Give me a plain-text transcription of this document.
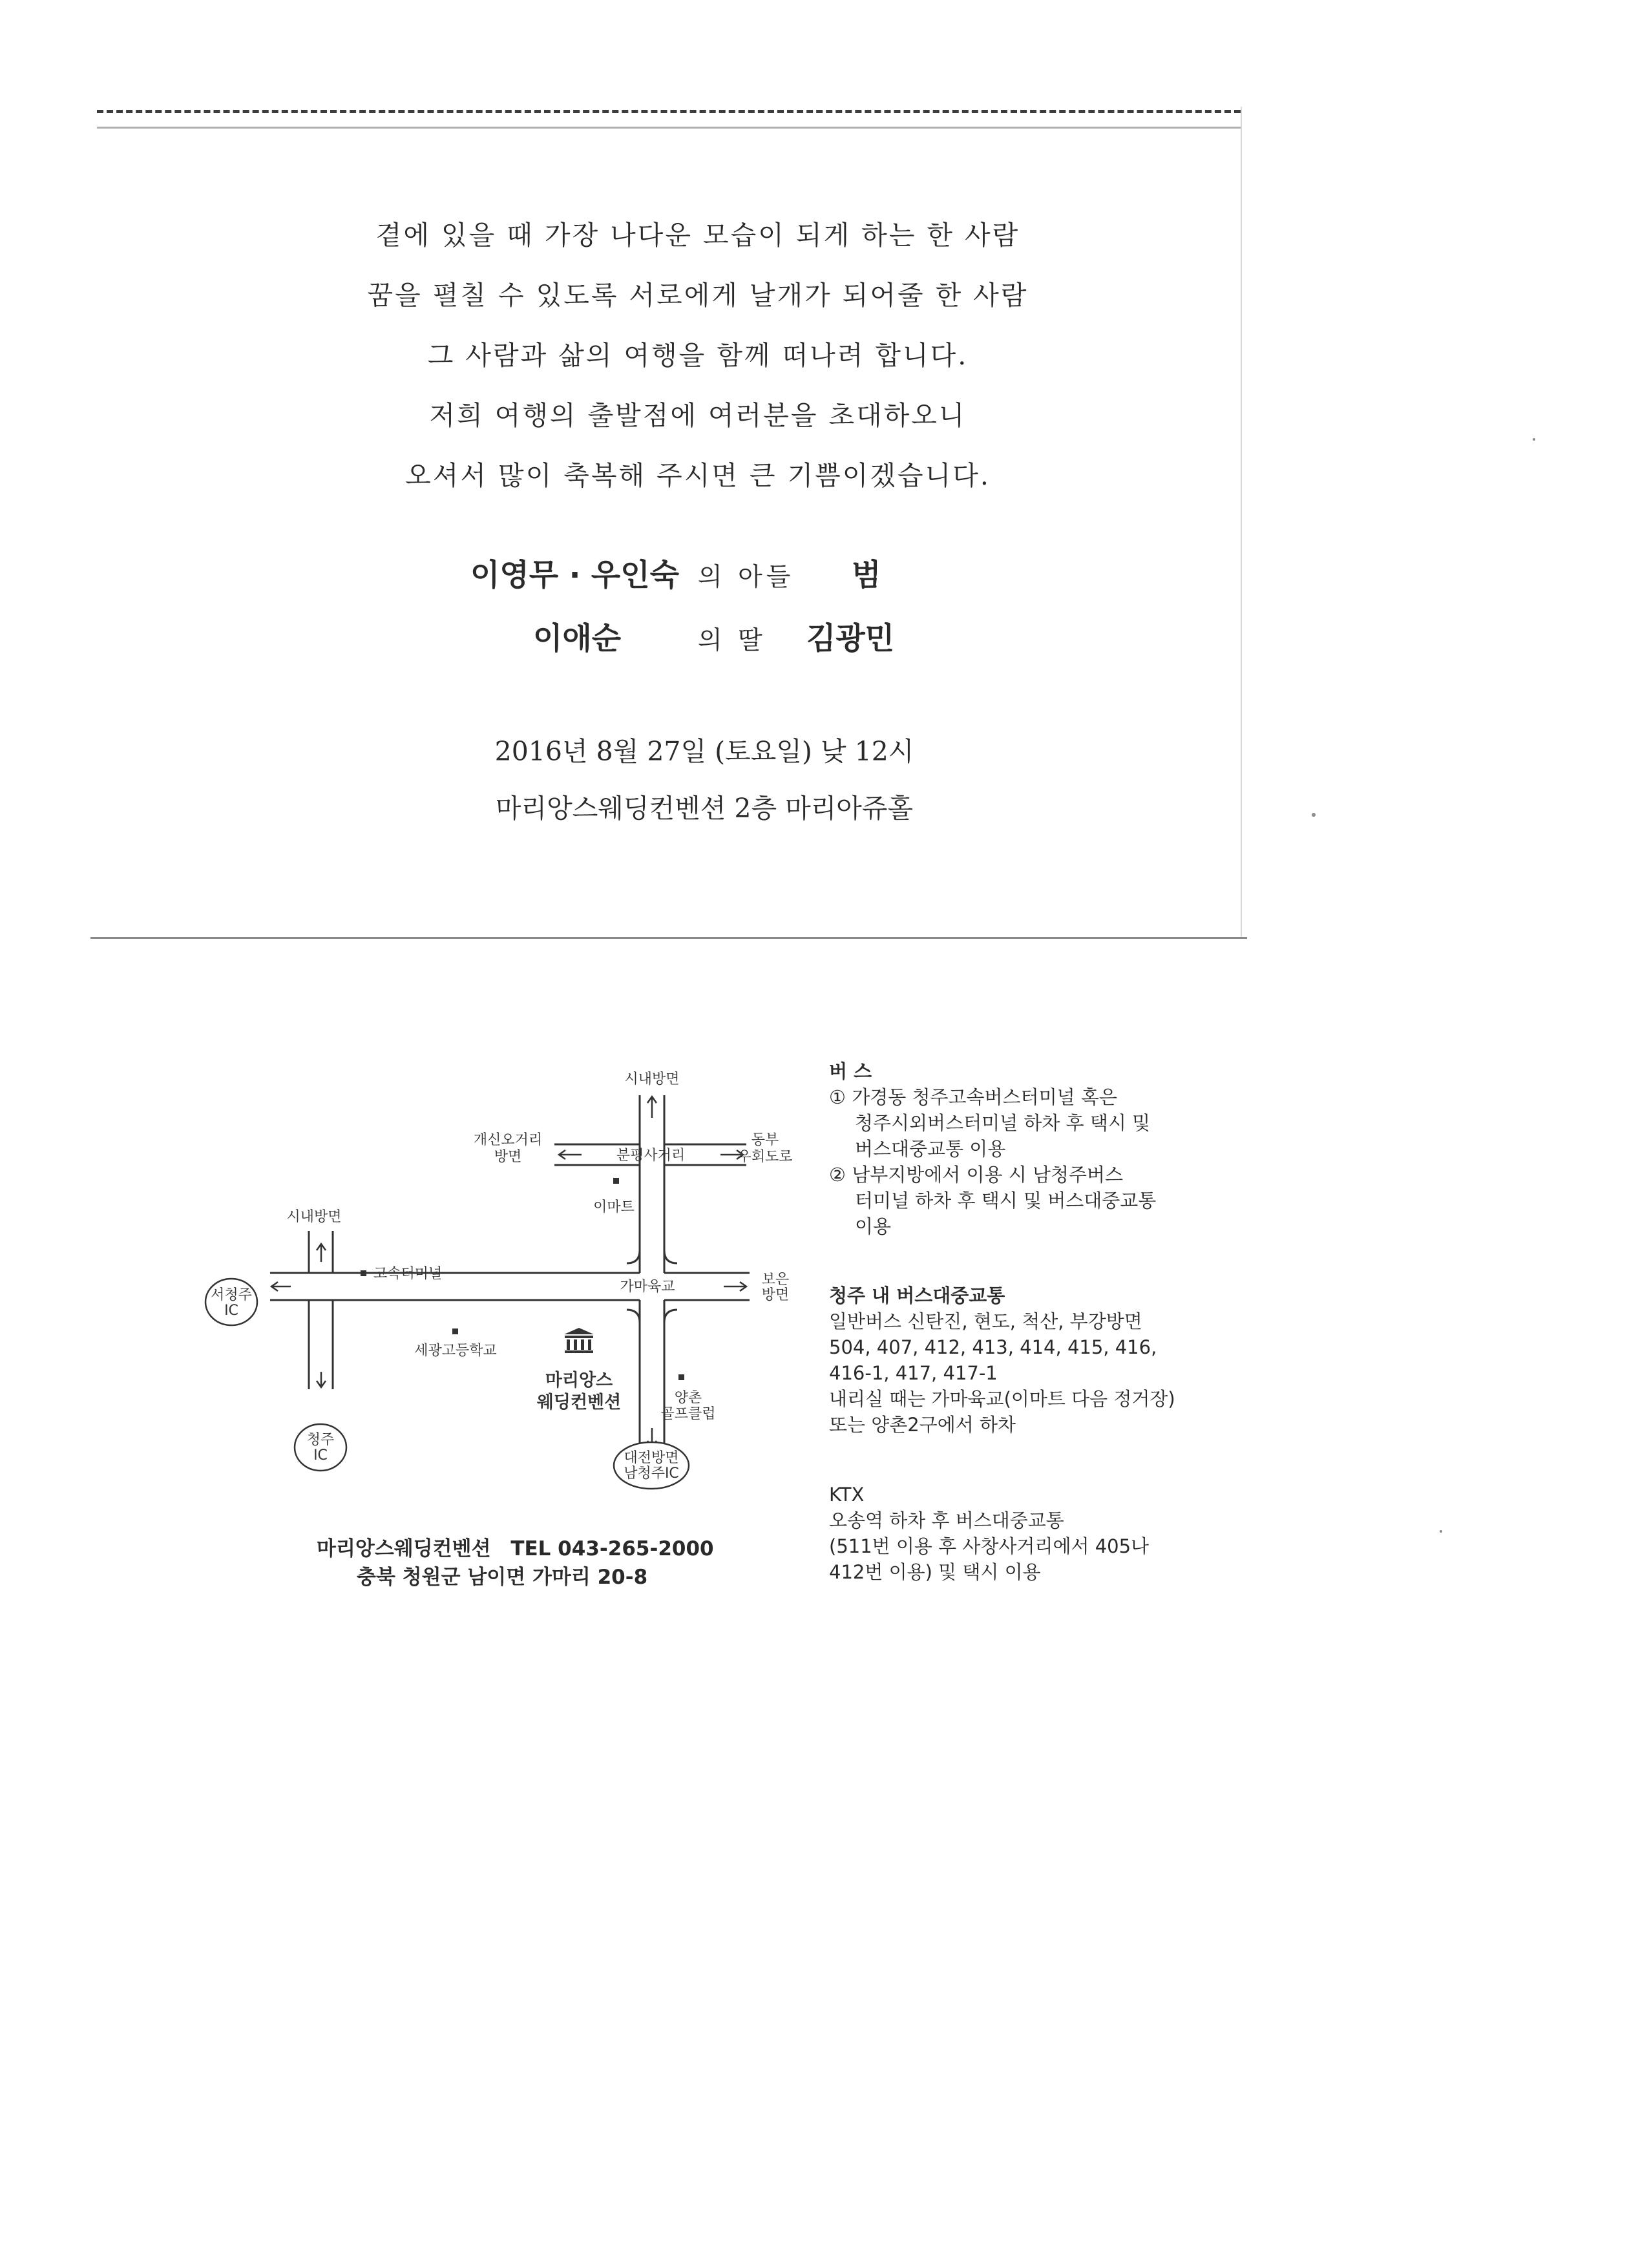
곁에 있을 때 가장 나다운 모습이 되게 하는 한 사람
꿈을 펼칠 수 있도록 서로에게 날개가 되어줄 한 사람
그 사람과 삶의 여행을 함께 떠나려 합니다.
저희 여행의 출발점에 여러분을 초대하오니
오셔서 많이 축복해 주시면 큰 기쁨이겠습니다.
이영무 · 우인숙 의 아들 범
이애순	의 딸 김광민
2016년 8월 27일 (토요일) 낮 12시
마리앙스웨딩컨벤션 2층 마리아쥬홀
시내방면
개신오거리
방면	분평사거리
동부
우회도로
이마트
시내방면
고속터미널
서청주
IC
가마육교	보은
방면
세광고등학교
양촌
골프클럽
청주
IC	대전방면
남청주IC
마리앙스
웨딩컨벤션
마리앙스웨딩컨벤션 TEL 043-265-2000
충북 청원군 남이면 가마리 20-8
버 스
① 가경동 청주고속버스터미널 혹은
청주시외버스터미널 하차 후 택시 및
버스대중교통 이용
② 남부지방에서 이용 시 남청주버스
터미널 하차 후 택시 및 버스대중교통
이용
청주 내 버스대중교통
일반버스 신탄진, 현도, 척산, 부강방면
504, 407, 412, 413, 414, 415, 416,
416-1, 417, 417-1
내리실 때는 가마육교(이마트 다음 정거장)
또는 양촌2구에서 하차
KTX
오송역 하차 후 버스대중교통
(511번 이용 후 사창사거리에서 405나
412번 이용) 및 택시 이용
